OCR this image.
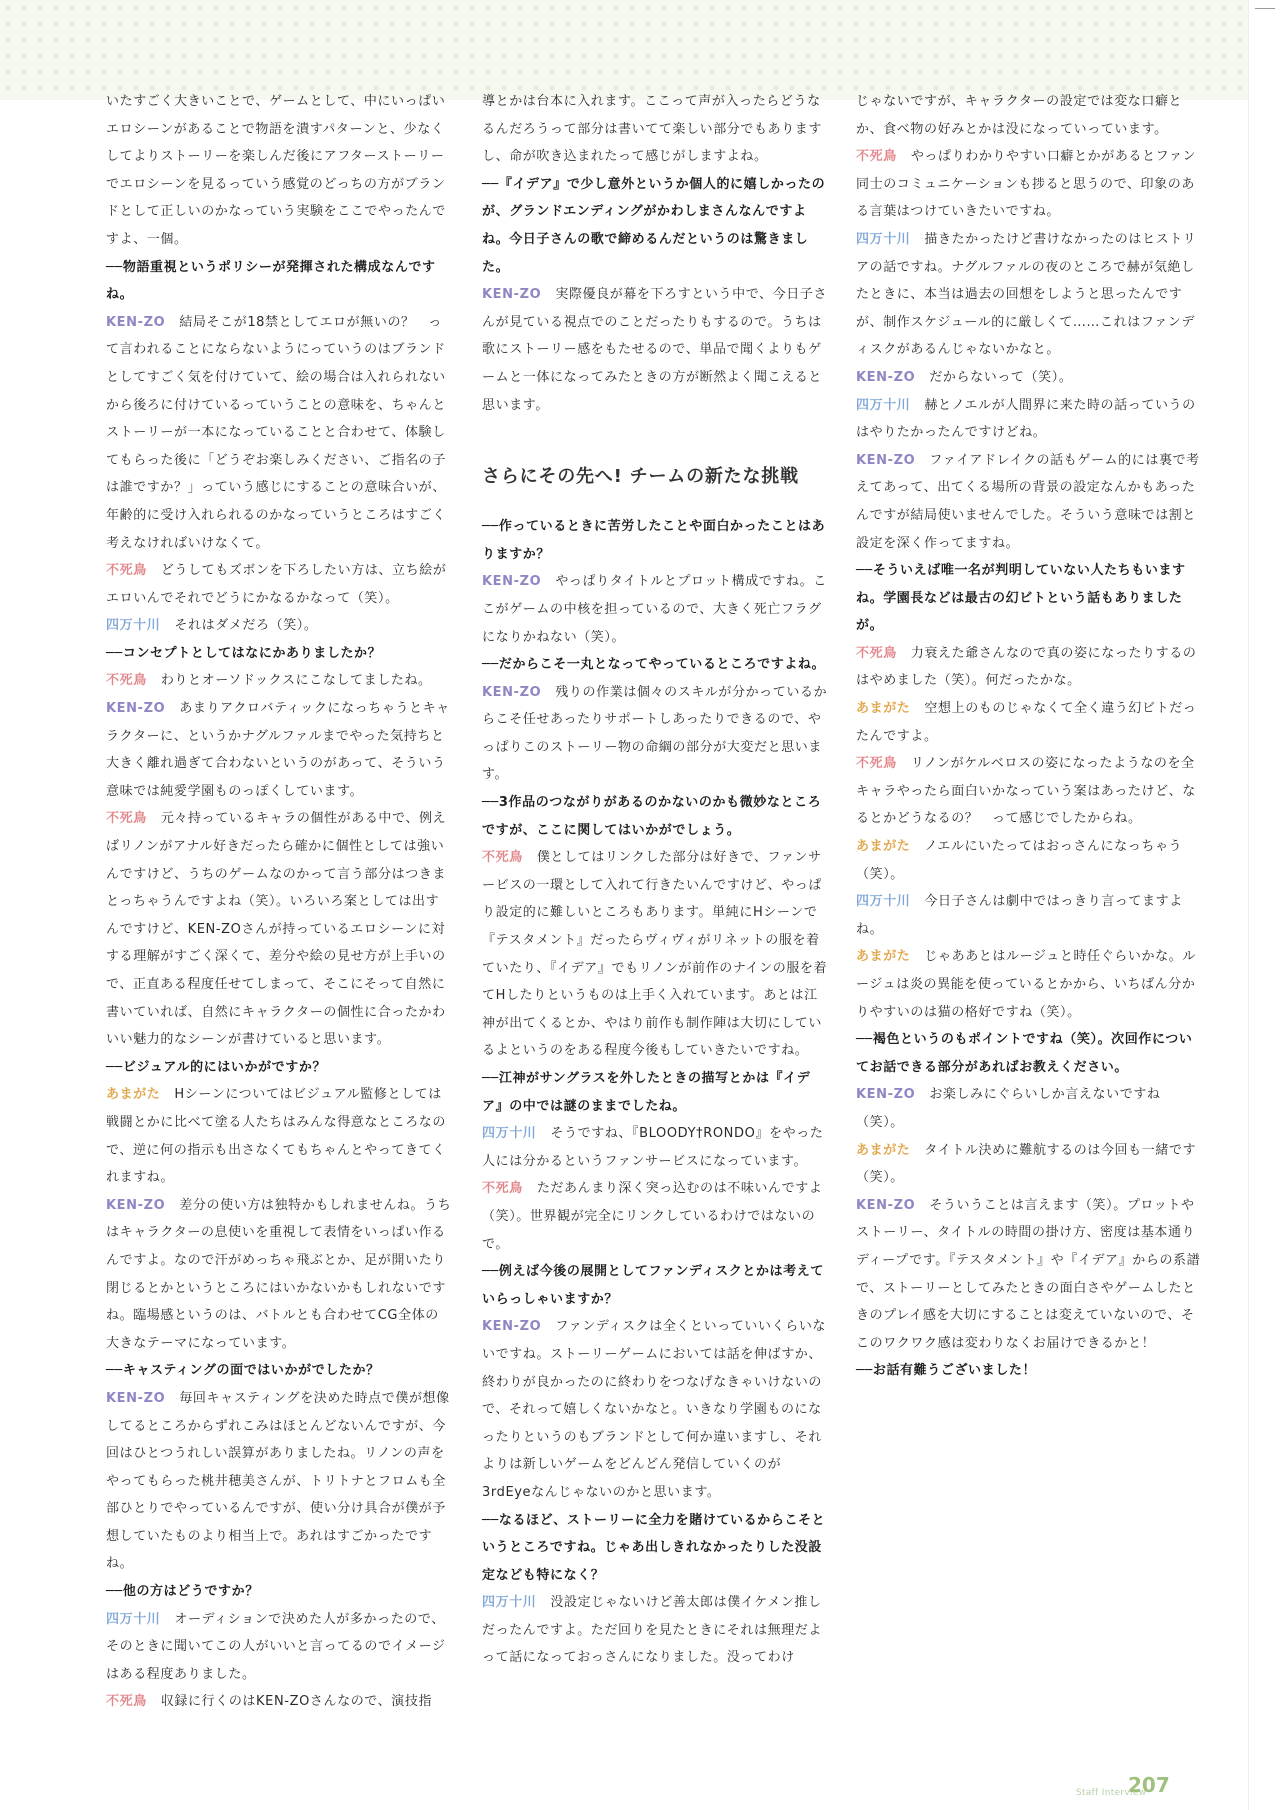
いたすごく大きいことで、ゲームとして、中にいっぱいエロシーンがあることで物語を潰すパターンと、少なくしてよりストーリーを楽しんだ後にアフターストーリーでエロシーンを見るっていう感覚のどっちの方がブランドとして正しいのかなっていう実験をここでやったんですよ、一個。

──物語重視というポリシーが発揮された構成なんですね。

KEN-ZO 結局そこが18禁としてエロが無いの？　って言われることにならないようにっていうのはブランドとしてすごく気を付けていて、絵の場合は入れられないから後ろに付けているっていうことの意味を、ちゃんとストーリーが一本になっていることと合わせて、体験してもらった後に「どうぞお楽しみください、ご指名の子は誰ですか？」っていう感じにすることの意味合いが、年齢的に受け入れられるのかなっていうところはすごく考えなければいけなくて。

不死鳥 どうしてもズボンを下ろしたい方は、立ち絵がエロいんでそれでどうにかなるかなって（笑）。

四万十川 それはダメだろ（笑）。

──コンセプトとしてはなにかありましたか？

不死鳥 わりとオーソドックスにこなしてましたね。

KEN-ZO あまりアクロバティックになっちゃうとキャラクターに、というかナグルファルまでやった気持ちと大きく離れ過ぎて合わないというのがあって、そういう意味では純愛学園ものっぽくしています。

不死鳥 元々持っているキャラの個性がある中で、例えばリノンがアナル好きだったら確かに個性としては強いんですけど、うちのゲームなのかって言う部分はつきまとっちゃうんですよね（笑）。いろいろ案としては出すんですけど、KEN-ZOさんが持っているエロシーンに対する理解がすごく深くて、差分や絵の見せ方が上手いので、正直ある程度任せてしまって、そこにそって自然に書いていれば、自然にキャラクターの個性に合ったかわいい魅力的なシーンが書けていると思います。

──ビジュアル的にはいかがですか？

あまがた Hシーンについてはビジュアル監修としては戦闘とかに比べて塗る人たちはみんな得意なところなので、逆に何の指示も出さなくてもちゃんとやってきてくれますね。

KEN-ZO 差分の使い方は独特かもしれませんね。うちはキャラクターの息使いを重視して表情をいっぱい作るんですよ。なので汗がめっちゃ飛ぶとか、足が開いたり閉じるとかというところにはいかないかもしれないですね。臨場感というのは、バトルとも合わせてCG全体の大きなテーマになっています。

──キャスティングの面ではいかがでしたか？

KEN-ZO 毎回キャスティングを決めた時点で僕が想像してるところからずれこみはほとんどないんですが、今回はひとつうれしい誤算がありましたね。リノンの声をやってもらった桃井穂美さんが、トリトナとフロムも全部ひとりでやっているんですが、使い分け具合が僕が予想していたものより相当上で。あれはすごかったですね。

──他の方はどうですか？

四万十川 オーディションで決めた人が多かったので、そのときに聞いてこの人がいいと言ってるのでイメージはある程度ありました。

不死鳥 収録に行くのはKEN-ZOさんなので、演技指

導とかは台本に入れます。ここって声が入ったらどうなるんだろうって部分は書いてて楽しい部分でもありますし、命が吹き込まれたって感じがしますよね。

──『イデア』で少し意外というか個人的に嬉しかったのが、グランドエンディングがかわしまさんなんですよね。今日子さんの歌で締めるんだというのは驚きました。

KEN-ZO 実際優良が幕を下ろすという中で、今日子さんが見ている視点でのことだったりもするので。うちは歌にストーリー感をもたせるので、単品で聞くよりもゲームと一体になってみたときの方が断然よく聞こえると思います。

さらにその先へ! チームの新たな挑戦

──作っているときに苦労したことや面白かったことはありますか？

KEN-ZO やっぱりタイトルとプロット構成ですね。ここがゲームの中核を担っているので、大きく死亡フラグになりかねない（笑）。

──だからこそ一丸となってやっているところですよね。

KEN-ZO 残りの作業は個々のスキルが分かっているからこそ任せあったりサポートしあったりできるので、やっぱりこのストーリー物の命綱の部分が大変だと思います。

──3作品のつながりがあるのかないのかも微妙なところですが、ここに関してはいかがでしょう。

不死鳥 僕としてはリンクした部分は好きで、ファンサービスの一環として入れて行きたいんですけど、やっぱり設定的に難しいところもあります。単純にHシーンで『テスタメント』だったらヴィヴィがリネットの服を着ていたり、『イデア』でもリノンが前作のナインの服を着てHしたりというものは上手く入れています。あとは江神が出てくるとか、やはり前作も制作陣は大切にしているよというのをある程度今後もしていきたいですね。

──江神がサングラスを外したときの描写とかは『イデア』の中では謎のままでしたね。

四万十川 そうですね、『BLOODY†RONDO』をやった人には分かるというファンサービスになっています。

不死鳥 ただあんまり深く突っ込むのは不味いんですよ（笑）。世界観が完全にリンクしているわけではないので。

──例えば今後の展開としてファンディスクとかは考えていらっしゃいますか？

KEN-ZO ファンディスクは全くといっていいくらいないですね。ストーリーゲームにおいては話を伸ばすか、終わりが良かったのに終わりをつなげなきゃいけないので、それって嬉しくないかなと。いきなり学園ものになったりというのもブランドとして何か違いますし、それよりは新しいゲームをどんどん発信していくのが3rdEyeなんじゃないのかと思います。

──なるほど、ストーリーに全力を賭けているからこそというところですね。じゃあ出しきれなかったりした没設定なども特になく？

四万十川 没設定じゃないけど善太郎は僕イケメン推しだったんですよ。ただ回りを見たときにそれは無理だよって話になっておっさんになりました。没ってわけ

じゃないですが、キャラクターの設定では変な口癖とか、食べ物の好みとかは没になっていっています。

不死鳥 やっぱりわかりやすい口癖とかがあるとファン同士のコミュニケーションも捗ると思うので、印象のある言葉はつけていきたいですね。

四万十川 描きたかったけど書けなかったのはヒストリアの話ですね。ナグルファルの夜のところで赫が気絶したときに、本当は過去の回想をしようと思ったんですが、制作スケジュール的に厳しくて……これはファンディスクがあるんじゃないかなと。

KEN-ZO だからないって（笑）。

四万十川 赫とノエルが人間界に来た時の話っていうのはやりたかったんですけどね。

KEN-ZO ファイアドレイクの話もゲーム的には裏で考えてあって、出てくる場所の背景の設定なんかもあったんですが結局使いませんでした。そういう意味では割と設定を深く作ってますね。

──そういえば唯一名が判明していない人たちもいますね。学園長などは最古の幻ビトという話もありましたが。

不死鳥 力衰えた爺さんなので真の姿になったりするのはやめました（笑）。何だったかな。

あまがた 空想上のものじゃなくて全く違う幻ビトだったんですよ。

不死鳥 リノンがケルベロスの姿になったようなのを全キャラやったら面白いかなっていう案はあったけど、なるとかどうなるの？　って感じでしたからね。

あまがた ノエルにいたってはおっさんになっちゃう（笑）。

四万十川 今日子さんは劇中ではっきり言ってますよね。

あまがた じゃああとはルージュと時任ぐらいかな。ルージュは炎の異能を使っているとかから、いちばん分かりやすいのは猫の格好ですね（笑）。

──褐色というのもポイントですね（笑）。次回作についてお話できる部分があればお教えください。

KEN-ZO お楽しみにぐらいしか言えないですね（笑）。

あまがた タイトル決めに難航するのは今回も一緒です（笑）。

KEN-ZO そういうことは言えます（笑）。プロットやストーリー、タイトルの時間の掛け方、密度は基本通りディープです。『テスタメント』や『イデア』からの系譜で、ストーリーとしてみたときの面白さやゲームしたときのプレイ感を大切にすることは変えていないので、そこのワクワク感は変わりなくお届けできるかと！

──お話有難うございました！

Staff Interview
207
